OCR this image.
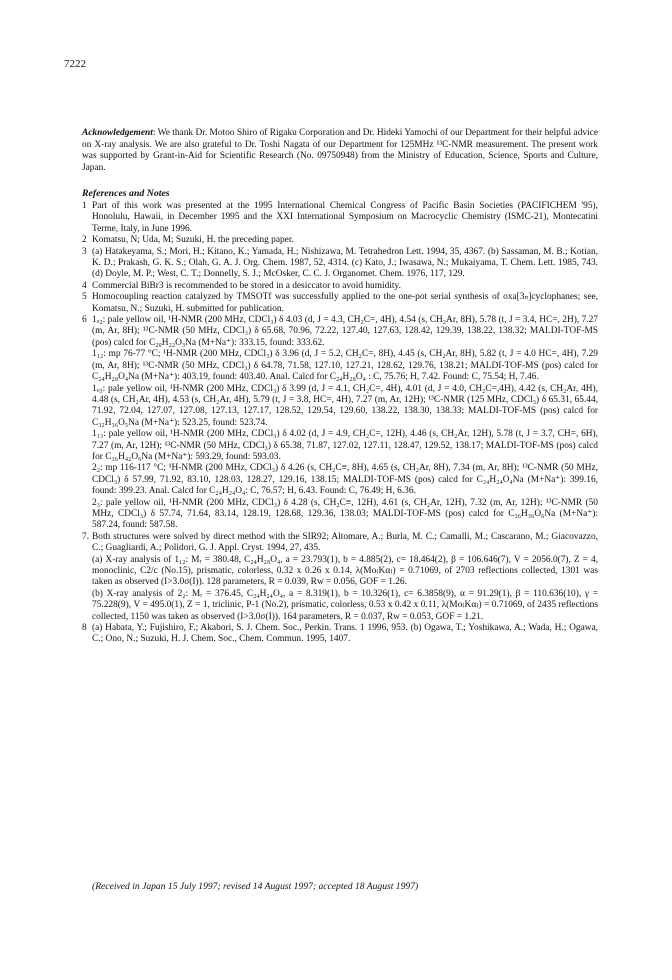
7222
Acknowledgement: We thank Dr. Motoo Shiro of Rigaku Corporation and Dr. Hideki Yamochi of our Department for their helpful advice on X-ray analysis. We are also grateful to Dr. Toshi Nagata of our Department for 125MHz ¹³C-NMR measurement. The present work was supported by Grant-in-Aid for Scientific Research (No. 09750948) from the Ministry of Education, Science, Sports and Culture, Japan.
References and Notes
1 Part of this work was presented at the 1995 International Chemical Congress of Pacific Basin Societies (PACIFICHEM '95), Honolulu, Hawaii, in December 1995 and the XXI International Symposium on Macrocyclic Chemistry (ISMC-21), Montecatini Terme, Italy, in June 1996.
2 Komatsu, N; Uda, M; Suzuki, H. the preceding paper.
3 (a) Hatakeyama, S.; Mori, H.; Kitano, K.; Yamada, H.; Nishizawa, M. Tetrahedron Lett. 1994, 35, 4367. (b) Sassaman, M. B.; Kotian, K. D.; Prakash, G. K. S.; Olah, G. A. J. Org. Chem. 1987, 52, 4314. (c) Kato, J.; Iwasawa, N.; Mukaiyama, T. Chem. Lett. 1985, 743. (d) Doyle, M. P.; West, C. T.; Donnelly, S. J.; McOsker, C. C. J. Organomet. Chem. 1976, 117, 129.
4 Commercial BiBr3 is recommended to be stored in a desiccator to avoid humidity.
5 Homocoupling reaction catalyzed by TMSOTf was successfully applied to the one-pot serial synthesis of oxa[3ₙ]cyclophanes; see, Komatsu, N.; Suzuki, H. submitted for publication.
6 1ₒ₂: pale yellow oil, ¹H-NMR (200 MHz, CDCl₃) δ 4.03 (d, J = 4.3, CH₂C=, 4H), 4.54 (s, CH₂Ar, 8H), 5.78 (t, J = 3.4, HC=, 2H), 7.27 (m, Ar, 8H); ¹³C-NMR (50 MHz, CDCl₃) δ 65.68, 70.96, 72.22, 127.40, 127.63, 128.42, 129.39, 138.22, 138.32; MALDI-TOF-MS (pos) calcd for C₂₀H₂₂O₃Na (M+Na⁺): 333.15, found: 333.62.
1₁₂: mp 76-77 °C; ¹H-NMR (200 MHz, CDCl₃) δ 3.96 (d, J = 5.2, CH₂C=, 8H), 4.45 (s, CH₂Ar, 8H), 5.82 (t, J = 4.0 HC=, 4H), 7.29 (m, Ar, 8H); ¹³C-NMR (50 MHz, CDCl₃) δ 64.78, 71.58, 127.10, 127.21, 128.62, 129.76, 138.21; MALDI-TOF-MS (pos) calcd for C₂₄H₂₈O₄Na (M+Na⁺): 403.19, found: 403.40. Anal. Calcd for C₂₄H₂₈O₄ : C, 75.76; H, 7.42. Found: C, 75.54; H, 7.46.
1ₒ₃: pale yellow oil, ¹H-NMR (200 MHz, CDCl₃) δ 3.99 (d, J = 4.1, CH₂C=, 4H), 4.01 (d, J = 4.0, CH₂C=,4H), 4.42 (s, CH₂Ar, 4H), 4.48 (s, CH₂Ar, 4H), 4.53 (s, CH₂Ar, 4H), 5.79 (t, J = 3.8, HC=, 4H), 7.27 (m, Ar, 12H); ¹³C-NMR (125 MHz, CDCl₃) δ 65.31, 65.44, 71.92, 72.04, 127.07, 127.08, 127.13, 127.17, 128.52, 129.54, 129.60, 138.22, 138.30, 138.33; MALDI-TOF-MS (pos) calcd for C₃₂H₃₆O₅Na (M+Na⁺): 523.25, found: 523.74.
1₁₃: pale yellow oil, ¹H-NMR (200 MHz, CDCl₃) δ 4.02 (d, J = 4.9, CH₂C=, 12H), 4.46 (s, CH₂Ar, 12H), 5.78 (t, J = 3.7, CH=, 6H), 7.27 (m, Ar, 12H); ¹³C-NMR (50 MHz, CDCl₃) δ 65.38, 71.87, 127.02, 127.11, 128.47, 129.52, 138.17; MALDI-TOF-MS (pos) calcd for C₃₆H₄₂O₆Na (M+Na⁺): 593.29, found: 593.03.
2₂: mp 116-117 °C; ¹H-NMR (200 MHz, CDCl₃) δ 4.26 (s, CH₂C≡, 8H), 4.65 (s, CH₂Ar, 8H), 7.34 (m, Ar, 8H); ¹³C-NMR (50 MHz, CDCl₃) δ 57.99, 71.92, 83.10, 128.03, 128.27, 129.16, 138.15; MALDI-TOF-MS (pos) calcd for C₂₄H₂₄O₄Na (M+Na⁺): 399.16, found: 399.23. Anal. Calcd for C₂₄H₂₄O₄: C, 76.57; H, 6.43. Found: C, 76.49; H, 6.36.
2₃: pale yellow oil, ¹H-NMR (200 MHz, CDCl₃) δ 4.28 (s, CH₂C≡, 12H), 4.61 (s, CH₂Ar, 12H), 7.32 (m, Ar, 12H); ¹³C-NMR (50 MHz, CDCl₃) δ 57.74, 71.64, 83.14, 128.19, 128.68, 129.36, 138.03; MALDI-TOF-MS (pos) calcd for C₃₆H₃₆O₆Na (M+Na⁺): 587.24, found: 587.58.
7. Both structures were solved by direct method with the SIR92; Altomare, A.; Burla, M. C.; Camalli, M.; Cascarano, M.; Giacovazzo, C.; Guagliardi, A.; Polidori, G. J. Appl. Cryst. 1994, 27, 435.
(a) X-ray analysis of 1₁₂: Mᵣ = 380.48, C₂₄H₂₈O₄, a = 23.793(1), b = 4.885(2), c= 18.464(2), β = 106.646(7), V = 2056.0(7), Z = 4, monoclinic, C2/c (No.15), prismatic, colorless, 0.32 x 0.26 x 0.14, λ(Mo₍Kα₎) = 0.71069, of 2703 reflections collected, 1301 was taken as observed (I>3.0σ(I)). 128 parameters, R = 0.039, Rw = 0.056, GOF = 1.26.
(b) X-ray analysis of 2₂: Mᵣ = 376.45, C₂₄H₂₄O₄, a = 8.319(1), b = 10.326(1), c= 6.3858(9), α = 91.29(1), β = 110.636(10), γ = 75.228(9), V = 495.0(1), Z = 1, triclinic, P-1 (No.2), prismatic, colorless, 0.53 x 0.42 x 0.11, λ(Mo₍Kα₎) = 0.71069, of 2435 reflections collected, 1150 was taken as observed (I>3.0σ(I)). 164 parameters, R = 0.037, Rw = 0.053, GOF = 1.21.
8 (a) Habata, Y.; Fujishiro, F.; Akabori, S. J. Chem. Soc., Perkin. Trans. 1 1996, 953. (b) Ogawa, T.; Yoshikawa, A.; Wada, H.; Ogawa, C.; Ono, N.; Suzuki, H. J. Chem. Soc., Chem. Commun. 1995, 1407.
(Received in Japan 15 July 1997; revised 14 August 1997; accepted 18 August 1997)
